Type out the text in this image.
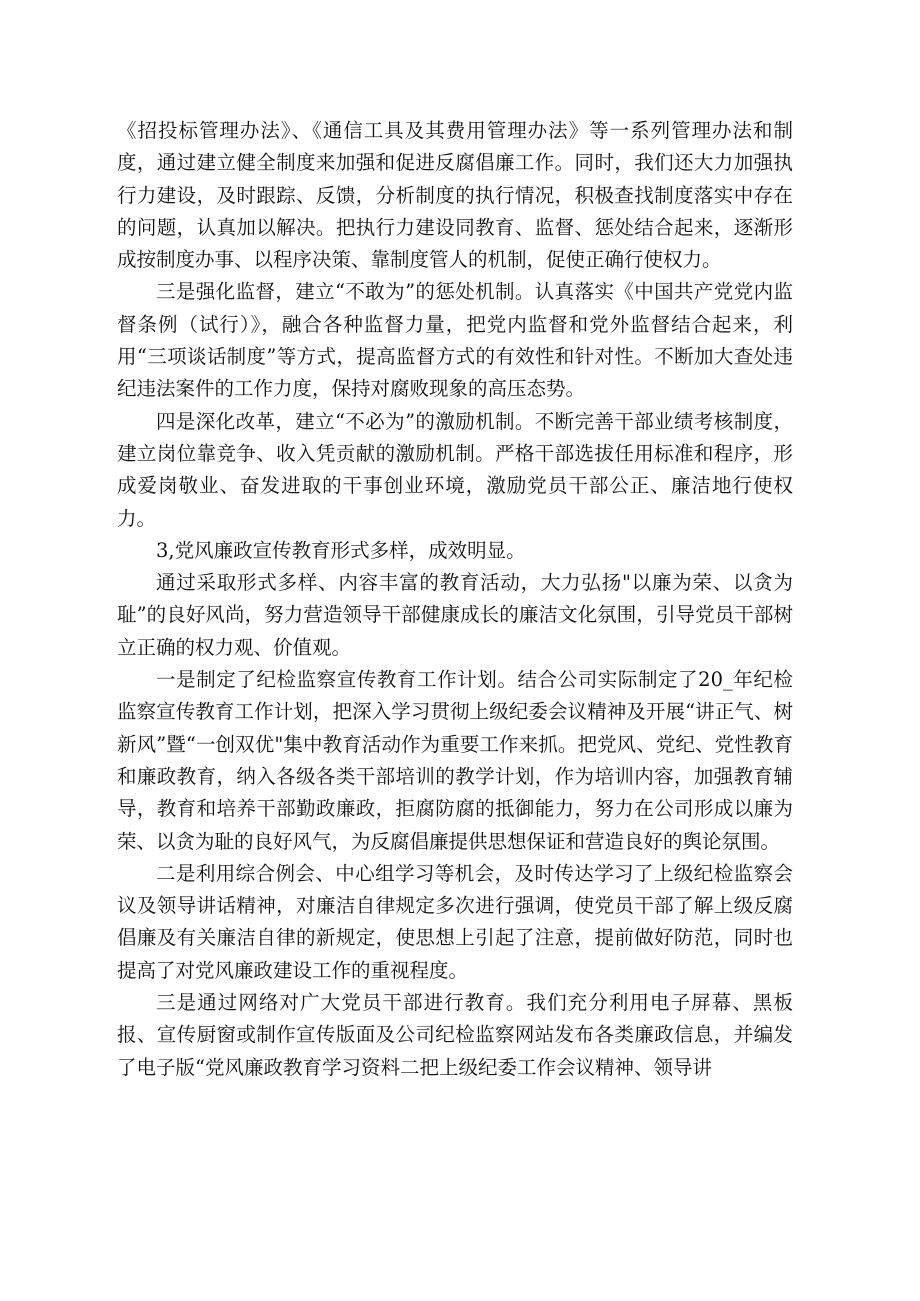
《招投标管理办法》、《通信工具及其费用管理办法》等一系列管理办法和制度，通过建立健全制度来加强和促进反腐倡廉工作。同时，我们还大力加强执行力建设，及时跟踪、反馈，分析制度的执行情况，积极查找制度落实中存在的问题，认真加以解决。把执行力建设同教育、监督、惩处结合起来，逐渐形成按制度办事、以程序决策、靠制度管人的机制，促使正确行使权力。

三是强化监督，建立“不敢为”的惩处机制。认真落实《中国共产党党内监督条例（试行）》，融合各种监督力量，把党内监督和党外监督结合起来，利用“三项谈话制度”等方式，提高监督方式的有效性和针对性。不断加大查处违纪违法案件的工作力度，保持对腐败现象的高压态势。

四是深化改革，建立“不必为”的激励机制。不断完善干部业绩考核制度，建立岗位靠竞争、收入凭贡献的激励机制。严格干部选拔任用标准和程序，形成爱岗敬业、奋发进取的干事创业环境，激励党员干部公正、廉洁地行使权力。

3,党风廉政宣传教育形式多样，成效明显。

通过采取形式多样、内容丰富的教育活动，大力弘扬"以廉为荣、以贪为耻”的良好风尚，努力营造领导干部健康成长的廉洁文化氛围，引导党员干部树立正确的权力观、价值观。

一是制定了纪检监察宣传教育工作计划。结合公司实际制定了20_年纪检监察宣传教育工作计划，把深入学习贯彻上级纪委会议精神及开展“讲正气、树新风”暨“一创双优"集中教育活动作为重要工作来抓。把党风、党纪、党性教育和廉政教育，纳入各级各类干部培训的教学计划，作为培训内容，加强教育辅导，教育和培养干部勤政廉政，拒腐防腐的抵御能力，努力在公司形成以廉为荣、以贪为耻的良好风气，为反腐倡廉提供思想保证和营造良好的舆论氛围。

二是利用综合例会、中心组学习等机会，及时传达学习了上级纪检监察会议及领导讲话精神，对廉洁自律规定多次进行强调，使党员干部了解上级反腐倡廉及有关廉洁自律的新规定，使思想上引起了注意，提前做好防范，同时也提高了对党风廉政建设工作的重视程度。

三是通过网络对广大党员干部进行教育。我们充分利用电子屏幕、黑板报、宣传厨窗或制作宣传版面及公司纪检监察网站发布各类廉政信息，并编发了电子版“党风廉政教育学习资料二把上级纪委工作会议精神、领导讲
